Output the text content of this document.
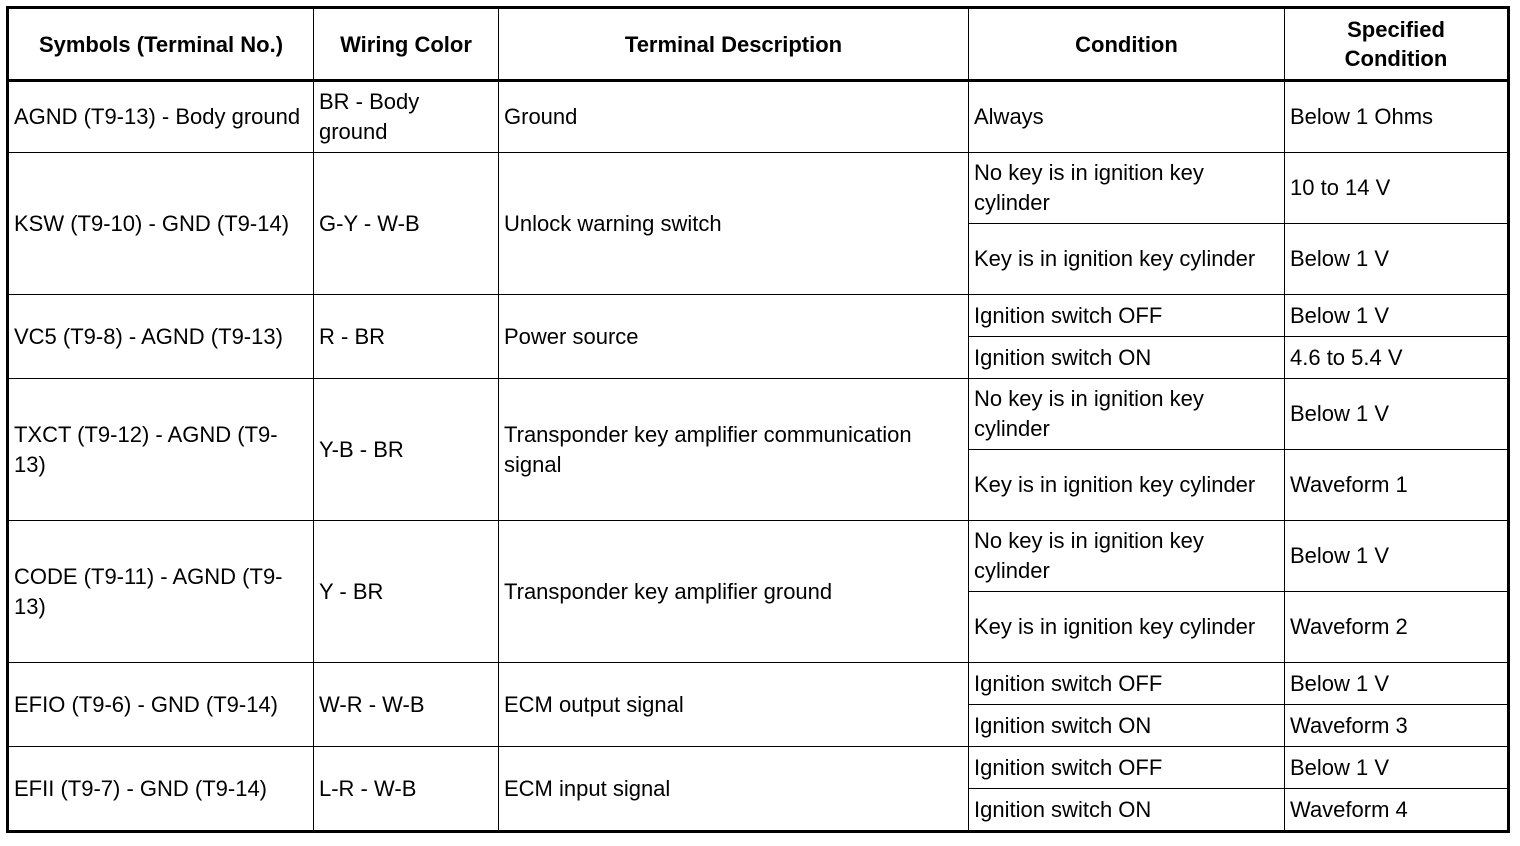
Symbols (Terminal No.)	Wiring Color	Terminal Description	Condition	Specified Condition
AGND (T9-13) - Body ground	BR - Body ground	Ground	Always	Below 1 Ohms
KSW (T9-10) - GND (T9-14)	G-Y - W-B	Unlock warning switch	No key is in ignition key cylinder	10 to 14 V
			Key is in ignition key cylinder	Below 1 V
VC5 (T9-8) - AGND (T9-13)	R - BR	Power source	Ignition switch OFF	Below 1 V
			Ignition switch ON	4.6 to 5.4 V
TXCT (T9-12) - AGND (T9-13)	Y-B - BR	Transponder key amplifier communication signal	No key is in ignition key cylinder	Below 1 V
			Key is in ignition key cylinder	Waveform 1
CODE (T9-11) - AGND (T9-13)	Y - BR	Transponder key amplifier ground	No key is in ignition key cylinder	Below 1 V
			Key is in ignition key cylinder	Waveform 2
EFIO (T9-6) - GND (T9-14)	W-R - W-B	ECM output signal	Ignition switch OFF	Below 1 V
			Ignition switch ON	Waveform 3
EFII (T9-7) - GND (T9-14)	L-R - W-B	ECM input signal	Ignition switch OFF	Below 1 V
			Ignition switch ON	Waveform 4
